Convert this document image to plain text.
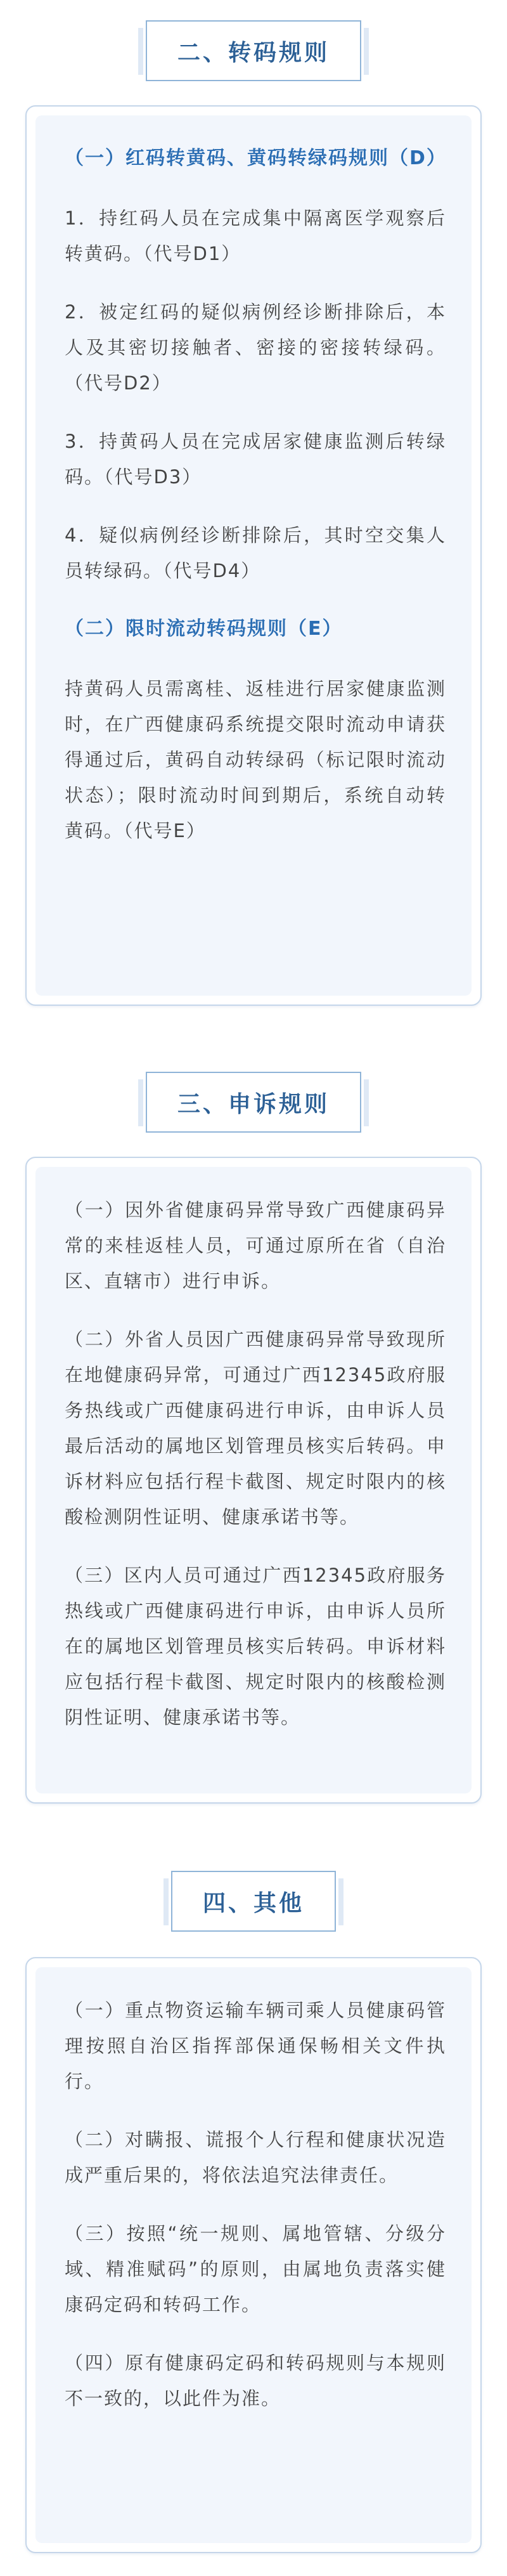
二、转码规则

（一）红码转黄码、黄码转绿码规则（D）

1．持红码人员在完成集中隔离医学观察后转黄码。（代号D1）

2．被定红码的疑似病例经诊断排除后，本人及其密切接触者、密接的密接转绿码。（代号D2）

3．持黄码人员在完成居家健康监测后转绿码。（代号D3）

4．疑似病例经诊断排除后，其时空交集人员转绿码。（代号D4）

（二）限时流动转码规则（E）

持黄码人员需离桂、返桂进行居家健康监测时，在广西健康码系统提交限时流动申请获得通过后，黄码自动转绿码（标记限时流动状态）；限时流动时间到期后，系统自动转黄码。（代号E）

三、申诉规则

（一）因外省健康码异常导致广西健康码异常的来桂返桂人员，可通过原所在省（自治区、直辖市）进行申诉。

（二）外省人员因广西健康码异常导致现所在地健康码异常，可通过广西12345政府服务热线或广西健康码进行申诉，由申诉人员最后活动的属地区划管理员核实后转码。申诉材料应包括行程卡截图、规定时限内的核酸检测阴性证明、健康承诺书等。

（三）区内人员可通过广西12345政府服务热线或广西健康码进行申诉，由申诉人员所在的属地区划管理员核实后转码。申诉材料应包括行程卡截图、规定时限内的核酸检测阴性证明、健康承诺书等。

四、其他

（一）重点物资运输车辆司乘人员健康码管理按照自治区指挥部保通保畅相关文件执行。

（二）对瞒报、谎报个人行程和健康状况造成严重后果的，将依法追究法律责任。

（三）按照“统一规则、属地管辖、分级分域、精准赋码”的原则，由属地负责落实健康码定码和转码工作。

（四）原有健康码定码和转码规则与本规则不一致的，以此件为准。
